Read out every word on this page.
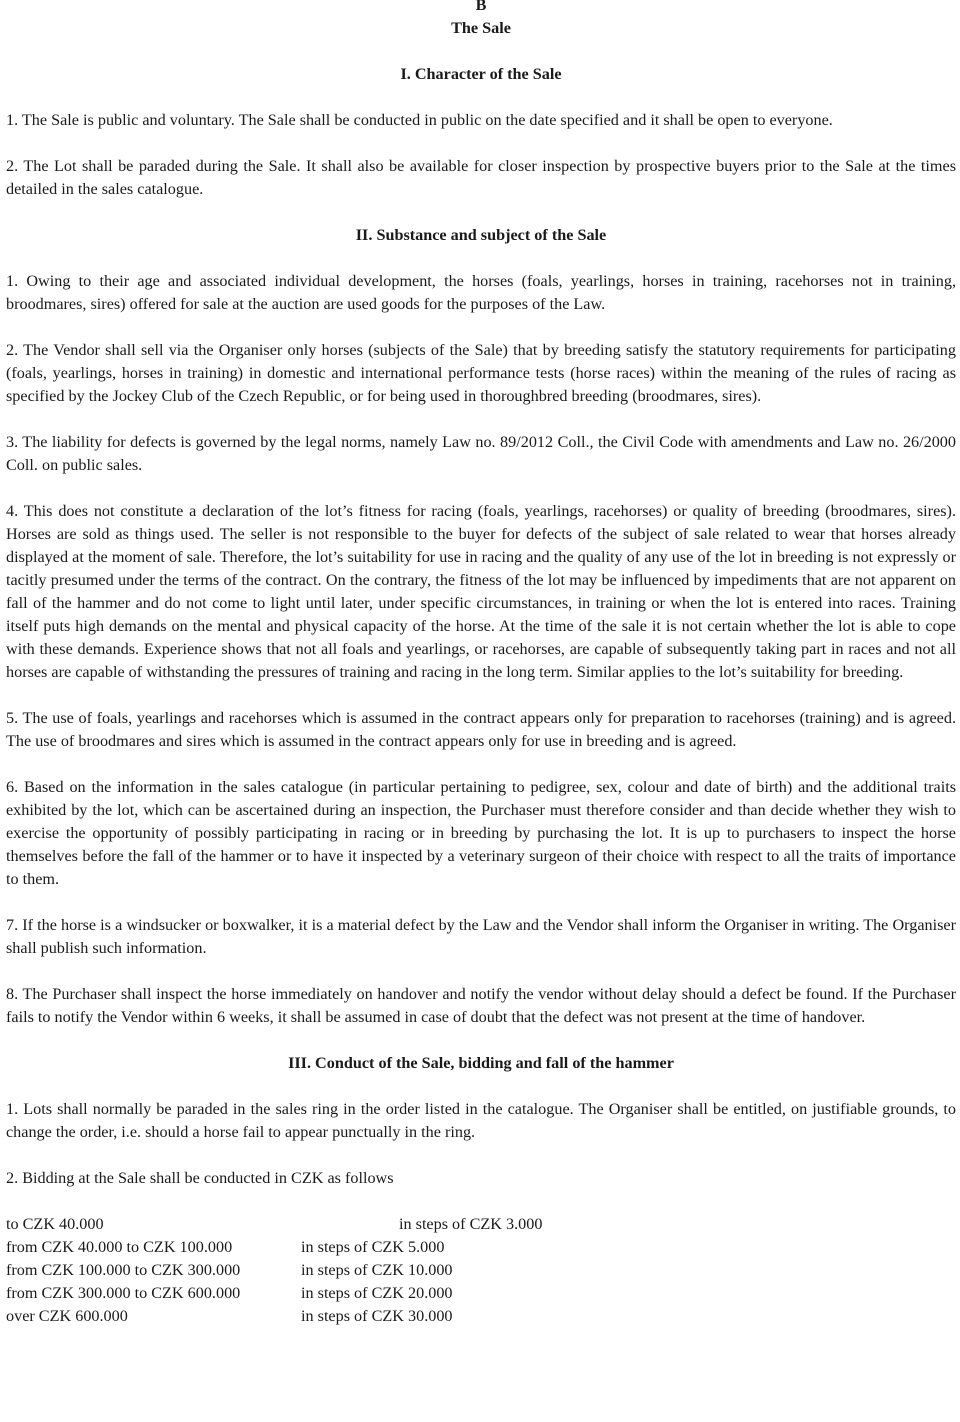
B

The Sale

I. Character of the Sale

1. The Sale is public and voluntary. The Sale shall be conducted in public on the date specified and it shall be open to everyone.

2. The Lot shall be paraded during the Sale. It shall also be available for closer inspection by prospective buyers prior to the Sale at the times detailed in the sales catalogue.

II. Substance and subject of the Sale

1. Owing to their age and associated individual development, the horses (foals, yearlings, horses in training, racehorses not in training, broodmares, sires) offered for sale at the auction are used goods for the purposes of the Law.

2. The Vendor shall sell via the Organiser only horses (subjects of the Sale) that by breeding satisfy the statutory requirements for participating (foals, yearlings, horses in training) in domestic and international performance tests (horse races) within the meaning of the rules of racing as specified by the Jockey Club of the Czech Republic, or for being used in thoroughbred breeding (broodmares, sires).

3. The liability for defects is governed by the legal norms, namely Law no. 89/2012 Coll., the Civil Code with amendments and Law no. 26/2000 Coll. on public sales.

4. This does not constitute a declaration of the lot’s fitness for racing (foals, yearlings, racehorses) or quality of breeding (broodmares, sires). Horses are sold as things used. The seller is not responsible to the buyer for defects of the subject of sale related to wear that horses already displayed at the moment of sale. Therefore, the lot’s suitability for use in racing and the quality of any use of the lot in breeding is not expressly or tacitly presumed under the terms of the contract. On the contrary, the fitness of the lot may be influenced by impediments that are not apparent on fall of the hammer and do not come to light until later, under specific circumstances, in training or when the lot is entered into races. Training itself puts high demands on the mental and physical capacity of the horse. At the time of the sale it is not certain whether the lot is able to cope with these demands. Experience shows that not all foals and yearlings, or racehorses, are capable of subsequently taking part in races and not all horses are capable of withstanding the pressures of training and racing in the long term. Similar applies to the lot’s suitability for breeding.

5. The use of foals, yearlings and racehorses which is assumed in the contract appears only for preparation to racehorses (training) and is agreed. The use of broodmares and sires which is assumed in the contract appears only for use in breeding and is agreed.

6. Based on the information in the sales catalogue (in particular pertaining to pedigree, sex, colour and date of birth) and the additional traits exhibited by the lot, which can be ascertained during an inspection, the Purchaser must therefore consider and than decide whether they wish to exercise the opportunity of possibly participating in racing or in breeding by purchasing the lot. It is up to purchasers to inspect the horse themselves before the fall of the hammer or to have it inspected by a veterinary surgeon of their choice with respect to all the traits of importance to them.

7. If the horse is a windsucker or boxwalker, it is a material defect by the Law and the Vendor shall inform the Organiser in writing. The Organiser shall publish such information.

8. The Purchaser shall inspect the horse immediately on handover and notify the vendor without delay should a defect be found. If the Purchaser fails to notify the Vendor within 6 weeks, it shall be assumed in case of doubt that the defect was not present at the time of handover.

III. Conduct of the Sale, bidding and fall of the hammer

1. Lots shall normally be paraded in the sales ring in the order listed in the catalogue. The Organiser shall be entitled, on justifiable grounds, to change the order, i.e. should a horse fail to appear punctually in the ring.

2. Bidding at the Sale shall be conducted in CZK as follows

to CZK 40.000	in steps of CZK 3.000
from CZK 40.000 to CZK 100.000	in steps of CZK 5.000
from CZK 100.000 to CZK 300.000	in steps of CZK 10.000
from CZK 300.000 to CZK 600.000	in steps of CZK 20.000
over CZK 600.000	in steps of CZK 30.000
